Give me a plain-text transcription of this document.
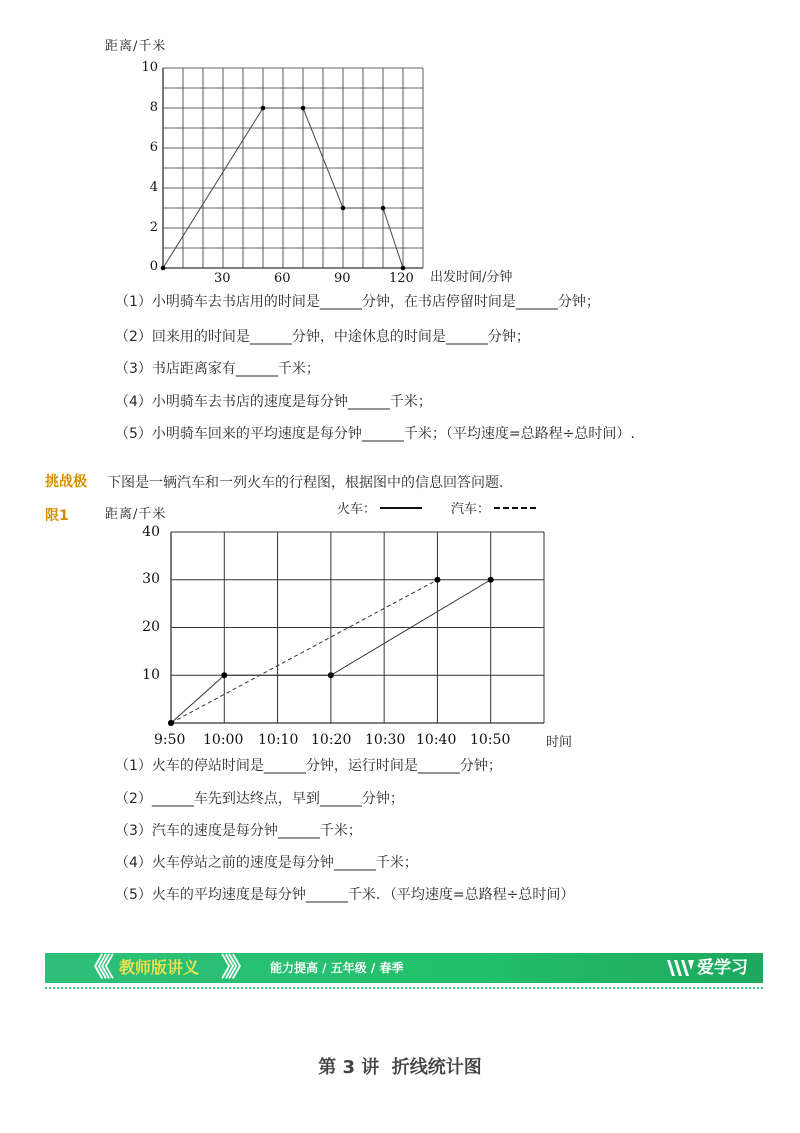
距离/千米
10
8
6
4
2
0
30	60	90	120 出发时间/分钟
（1）小明骑车去书店用的时间是______分钟，在书店停留时间是______分钟；
（2）回来用的时间是______分钟，中途休息的时间是______分钟；
（3）书店距离家有______千米；
（4）小明骑车去书店的速度是每分钟______千米；
（5）小明骑车回来的平均速度是每分钟______千米；（平均速度=总路程÷总时间）.
挑战极
限1
下图是一辆汽车和一列火车的行程图，根据图中的信息回答问题.
距离/千米	火车：	汽车：
40
30
20
10
9:50 10:00 10:10 10:20 10:30 10:40 10:50	时间
（1）火车的停站时间是______分钟，运行时间是______分钟；
（2）______车先到达终点，早到______分钟；
（3）汽车的速度是每分钟______千米；
（4）火车停站之前的速度是每分钟______千米；
（5）火车的平均速度是每分钟______千米．（平均速度=总路程÷总时间）
《《 教师版讲义 》》 能力提高 / 五年级 / 春季	爱学习
第 3 讲  折线统计图
